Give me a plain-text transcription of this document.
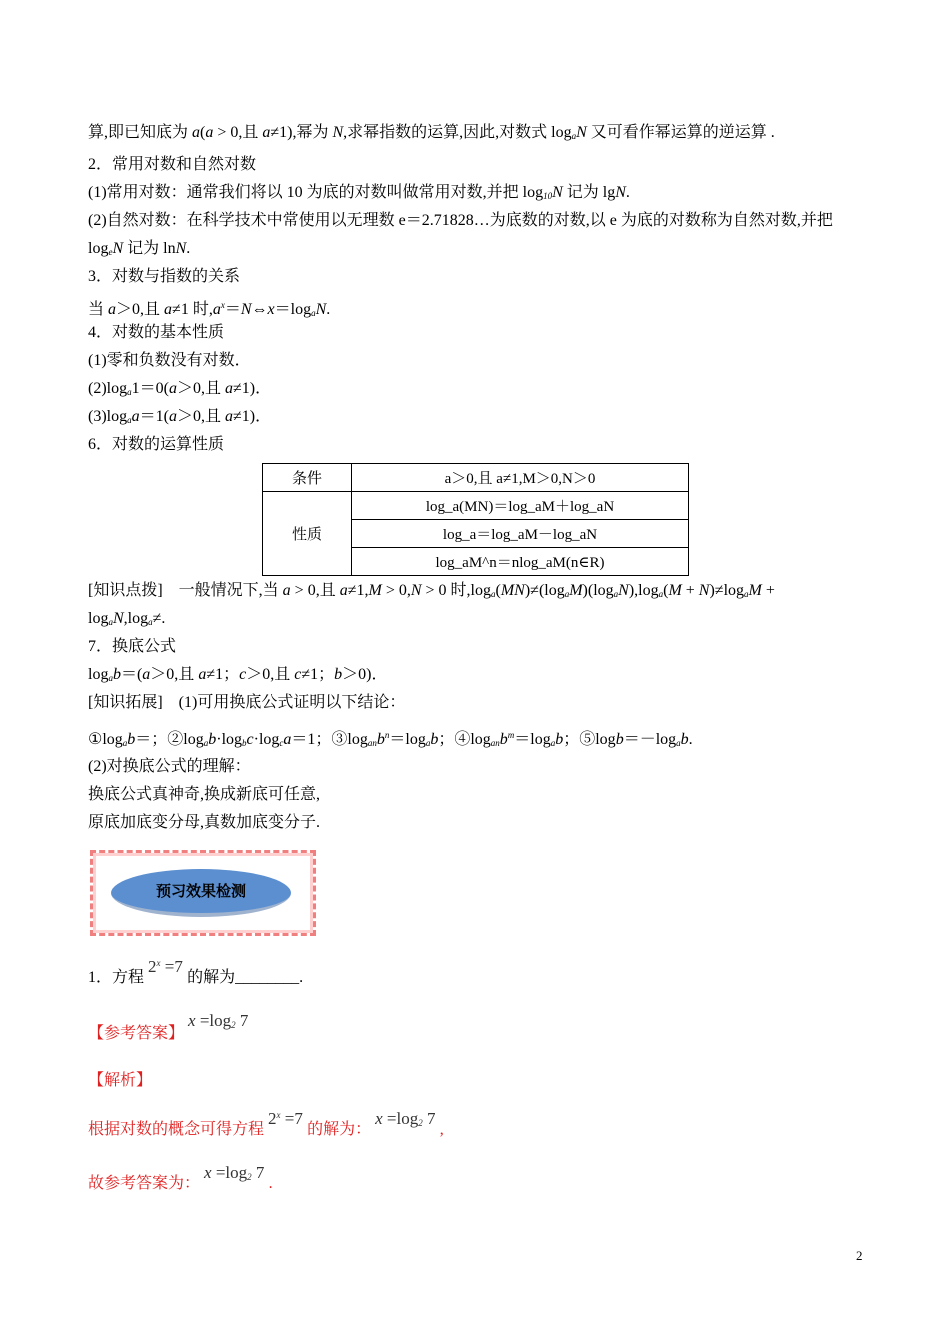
算,即已知底为 a(a > 0,且 a≠1),幂为 N,求幂指数的运算,因此,对数式 $\log_aN$ 又可看作幂运算的逆运算 .
2．常用对数和自然对数
(1)常用对数：通常我们将以 10 为底的对数叫做常用对数,并把 $\log_{10}N$ 记为 lgN.
(2)自然对数：在科学技术中常使用以无理数 e＝2.71828…为底数的对数,以 e 为底的对数称为自然对数,并把
$\log_eN$ 记为 lnN.
3．对数与指数的关系
当 a＞0,且 a≠1 时$,a^x=N\Leftrightarrow x=\log_aN$.
4．对数的基本性质
(1)零和负数没有对数．
$(2)\log_a1=0(a>0$,且 a≠1)．
$(3)\log_aa=1(a>0$,且 a≠1)．
6．对数的运算性质
条件	a＞0,且 a≠1,M＞0,N＞0
性质	log_a(MN)＝log_aM＋log_aN
	log_a＝log_aM－log_aN
	log_aM^n＝nlog_aM(n∈R)
[知识点拨]　一般情况下,当 a > 0,且 a≠1,M > 0,N > 0 时$,\log_a(MN)\ne(\log_aM)(\log_aN),\log_a(M + N)\ne\log_aM$ +
$\log_aN,\log_a\ne$.
7．换底公式
$\log_ab=(a>0$,且 a≠1；c＞0,且 c≠1；b＞0)．
[知识拓展]　(1)可用换底公式证明以下结论：
$①\log_ab=$；$②\log_ab\cdot\log_bc\cdot\log_ca=1$；$③\log_{an}b^n=\log_ab$；$④\log_{an}b^m=\log_ab$；$⑤\log b=-\log_ab$.
(2)对换底公式的理解：
换底公式真神奇,换成新底可任意,
原底加底变分母,真数加底变分子.
预习效果检测
1．方程 $2^x =7$ 的解为________.
【参考答案】 $x =\log_2$ 7
【解析】
根据对数的概念可得方程 $2^x =7$ 的解为： $x =\log_2$ 7 ,
故参考答案为： $x =\log_2$ 7 .
2
